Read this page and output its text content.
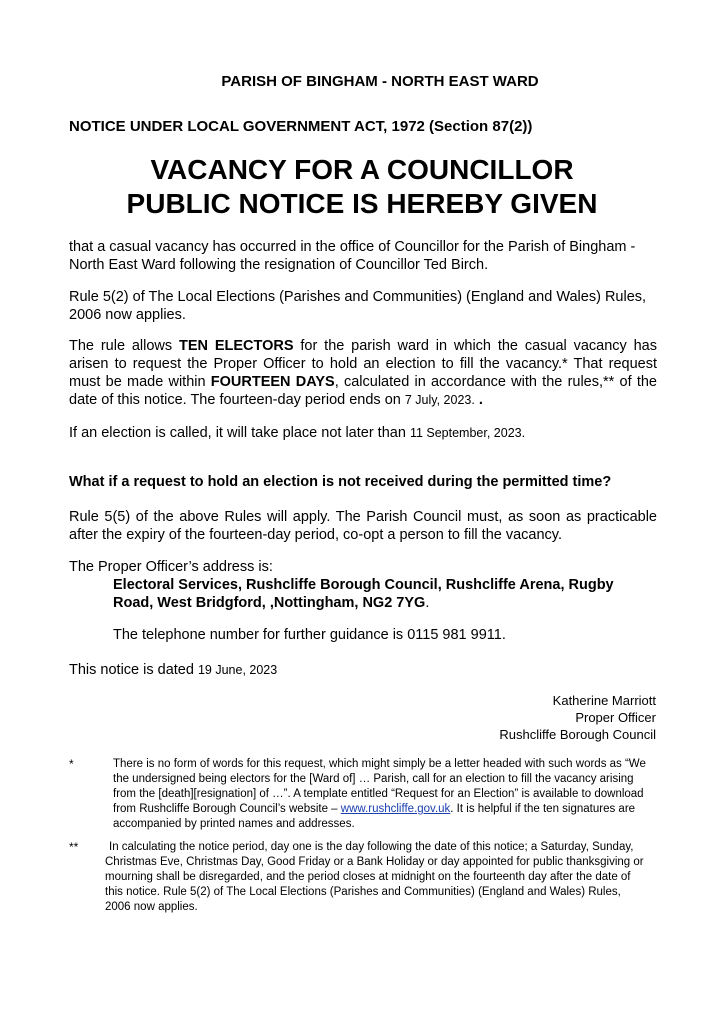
PARISH OF BINGHAM - NORTH EAST WARD
NOTICE UNDER LOCAL GOVERNMENT ACT, 1972 (Section 87(2))
VACANCY FOR A COUNCILLOR
PUBLIC NOTICE IS HEREBY GIVEN
that a casual vacancy has occurred in the office of Councillor for the Parish of Bingham - North East Ward following the resignation of Councillor Ted Birch.
Rule 5(2) of The Local Elections (Parishes and Communities) (England and Wales) Rules, 2006 now applies.
The rule allows TEN ELECTORS for the parish ward in which the casual vacancy has arisen to request the Proper Officer to hold an election to fill the vacancy.* That request must be made within FOURTEEN DAYS, calculated in accordance with the rules,** of the date of this notice. The fourteen-day period ends on 7 July, 2023. .
If an election is called, it will take place not later than 11 September, 2023.
What if a request to hold an election is not received during the permitted time?
Rule 5(5) of the above Rules will apply. The Parish Council must, as soon as practicable after the expiry of the fourteen-day period, co-opt a person to fill the vacancy.
The Proper Officer’s address is:
Electoral Services, Rushcliffe Borough Council, Rushcliffe Arena, Rugby Road, West Bridgford, ,Nottingham, NG2 7YG.
The telephone number for further guidance is 0115 981 9911.
This notice is dated 19 June, 2023
Katherine Marriott
Proper Officer
Rushcliffe Borough Council
*	There is no form of words for this request, which might simply be a letter headed with such words as “We the undersigned being electors for the [Ward of] … Parish, call for an election to fill the vacancy arising from the [death][resignation] of …”. A template entitled “Request for an Election” is available to download from Rushcliffe Borough Council’s website – www.rushcliffe.gov.uk. It is helpful if the ten signatures are accompanied by printed names and addresses.
**	In calculating the notice period, day one is the day following the date of this notice; a Saturday, Sunday, Christmas Eve, Christmas Day, Good Friday or a Bank Holiday or day appointed for public thanksgiving or mourning shall be disregarded, and the period closes at midnight on the fourteenth day after the date of this notice. Rule 5(2) of The Local Elections (Parishes and Communities) (England and Wales) Rules, 2006 now applies.
